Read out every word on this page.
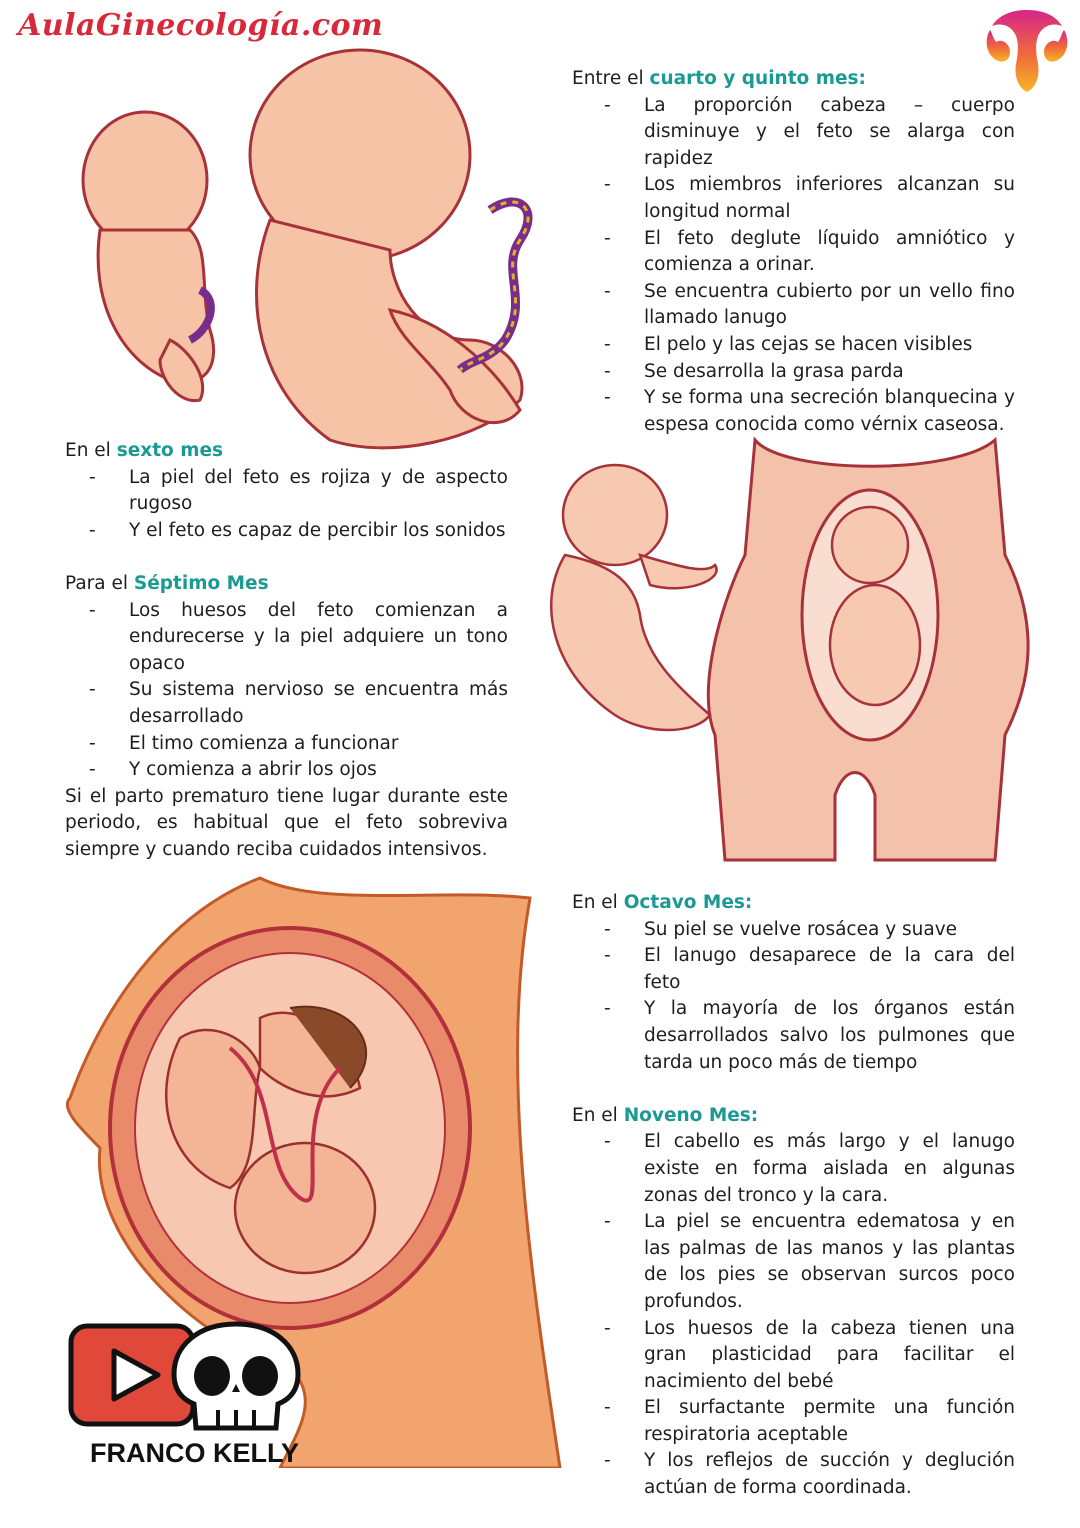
AulaGinecología.com

Entre el cuarto y quinto mes:

- La proporción cabeza – cuerpo disminuye y el feto se alarga con rapidez
- Los miembros inferiores alcanzan su longitud normal
- El feto deglute líquido amniótico y comienza a orinar.
- Se encuentra cubierto por un vello fino llamado lanugo
- El pelo y las cejas se hacen visibles
- Se desarrolla la grasa parda
- Y se forma una secreción blanquecina y espesa conocida como vérnix caseosa.

En el sexto mes

- La piel del feto es rojiza y de aspecto rugoso
- Y el feto es capaz de percibir los sonidos

Para el Séptimo Mes

- Los huesos del feto comienzan a endurecerse y la piel adquiere un tono opaco
- Su sistema nervioso se encuentra más desarrollado
- El timo comienza a funcionar
- Y comienza a abrir los ojos

Si el parto prematuro tiene lugar durante este periodo, es habitual que el feto sobreviva siempre y cuando reciba cuidados intensivos.

En el Octavo Mes:

- Su piel se vuelve rosácea y suave
- El lanugo desaparece de la cara del feto
- Y la mayoría de los órganos están desarrollados salvo los pulmones que tarda un poco más de tiempo

En el Noveno Mes:

- El cabello es más largo y el lanugo existe en forma aislada en algunas zonas del tronco y la cara.
- La piel se encuentra edematosa y en las palmas de las manos y las plantas de los pies se observan surcos poco profundos.
- Los huesos de la cabeza tienen una gran plasticidad para facilitar el nacimiento del bebé
- El surfactante permite una función respiratoria aceptable
- Y los reflejos de succión y deglución actúan de forma coordinada.
FRANCO KELLY
